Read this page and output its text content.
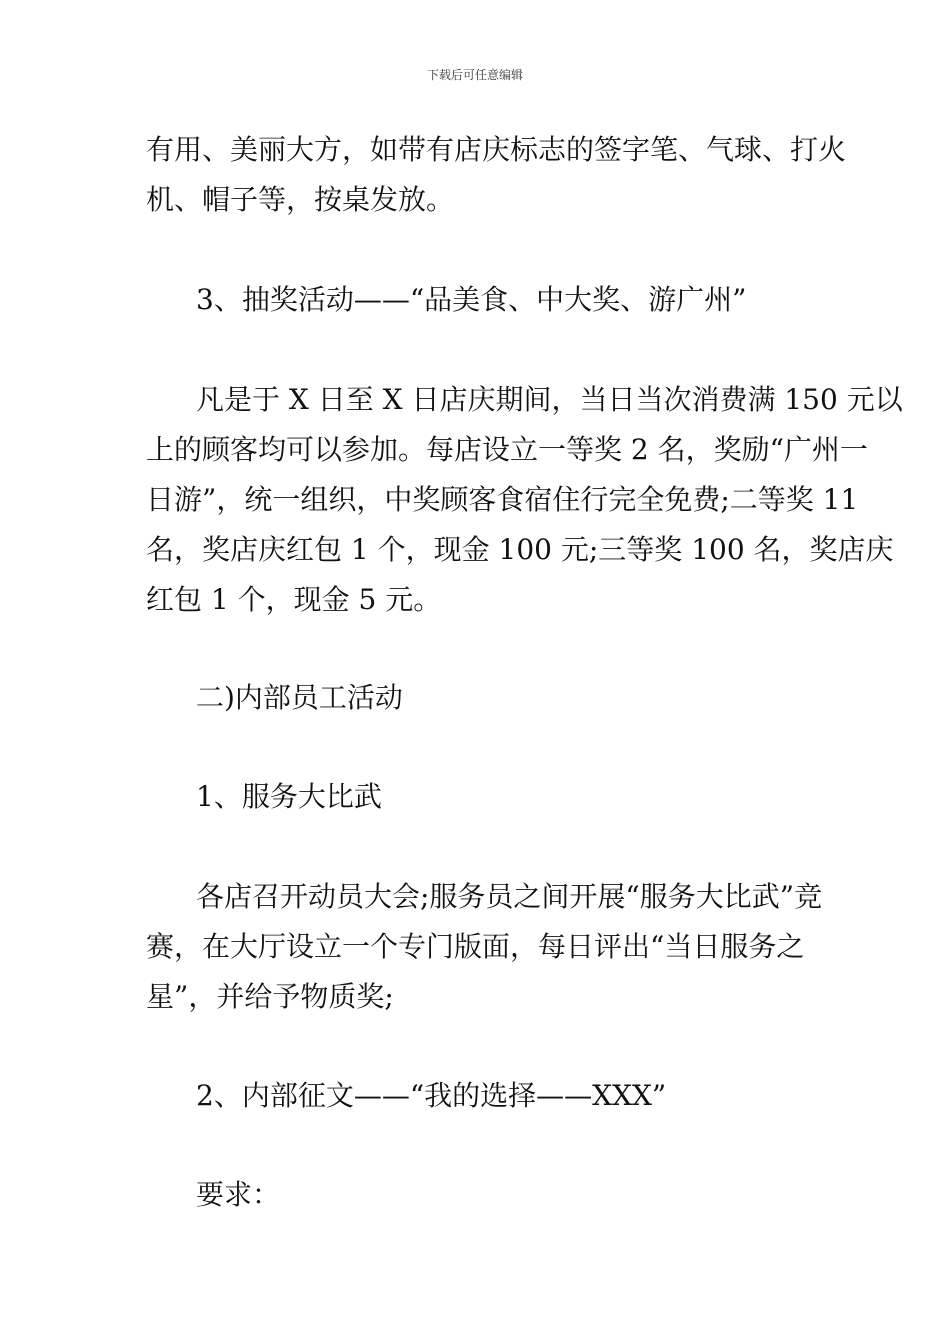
下载后可任意编辑
有用、美丽大方，如带有店庆标志的签字笔、气球、打火
机、帽子等，按桌发放。
3、抽奖活动——“品美食、中大奖、游广州”
凡是于 X 日至 X 日店庆期间，当日当次消费满 150 元以
上的顾客均可以参加。每店设立一等奖 2 名，奖励“广州一
日游”，统一组织，中奖顾客食宿住行完全免费;二等奖 11
名，奖店庆红包 1 个，现金 100 元;三等奖 100 名，奖店庆
红包 1 个，现金 5 元。
二)内部员工活动
1、服务大比武
各店召开动员大会;服务员之间开展“服务大比武”竞
赛，在大厅设立一个专门版面，每日评出“当日服务之
星”，并给予物质奖;
2、内部征文——“我的选择——XXX”
要求：
